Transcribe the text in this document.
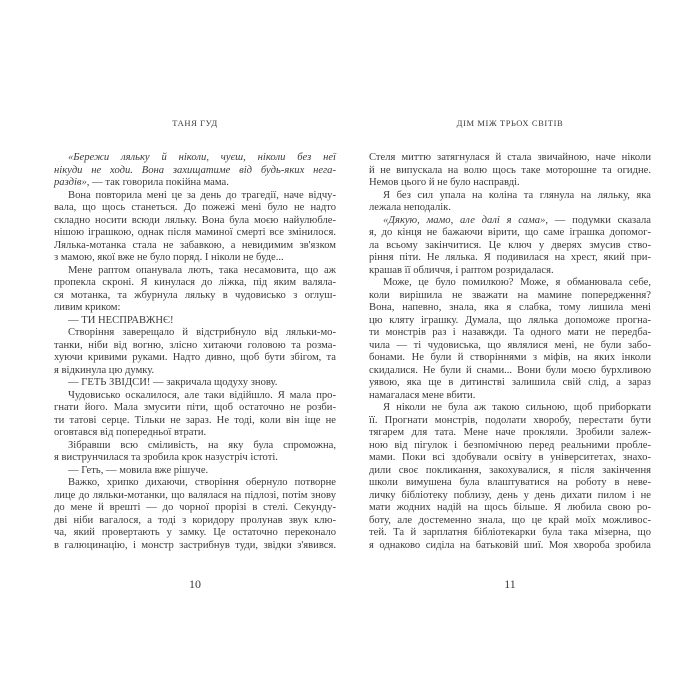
ТАНЯ ГУД
«Бережи ляльку й ніколи, чуєш, ніколи без неї
нікуди не ходи. Вона захищатиме від будь-яких нега-
раздів», — так говорила покійна мама.
Вона повторила мені це за день до трагедії, наче відчу-
вала, що щось станеться. До пожежі мені було не надто
складно носити всюди ляльку. Вона була моєю найулюбле-
нішою іграшкою, однак після маминої смерті все змінилося.
Лялька-мотанка стала не забавкою, а невидимим зв'язком
з мамою, якої вже не було поряд. І ніколи не буде...
Мене раптом опанувала лють, така несамовита, що аж
пропекла скроні. Я кинулася до ліжка, під яким валяла-
ся мотанка, та жбурнула ляльку в чудовисько з оглуш-
ливим криком:
— ТИ НЕСПРАВЖНЄ!
Створіння заверещало й відстрибнуло від ляльки-мо-
танки, ніби від вогню, злісно хитаючи головою та розма-
хуючи кривими руками. Надто дивно, щоб бути збігом, та
я відкинула цю думку.
— ГЕТЬ ЗВІДСИ! — закричала щодуху знову.
Чудовисько оскалилося, але таки відійшло. Я мала про-
гнати його. Мала змусити піти, щоб остаточно не розби-
ти татові серце. Тільки не зараз. Не тоді, коли він іще не
оговтався від попередньої втрати.
Зібравши всю сміливість, на яку була спроможна,
я виструнчилася та зробила крок назустріч істоті.
— Геть, — мовила вже рішуче.
Важко, хрипко дихаючи, створіння обернуло потворне
лице до ляльки-мотанки, що валялася на підлозі, потім знову
до мене й врешті — до чорної прорізі в стелі. Секунду-
дві ніби вагалося, а тоді з коридору пролунав звук клю-
ча, який провертають у замку. Це остаточно переконало
в галюцинацію, і монстр застрибнув туди, звідки з'явився.
10
ДІМ МІЖ ТРЬОХ СВІТІВ
Стеля миттю затягнулася й стала звичайною, наче ніколи
й не випускала на волю щось таке моторошне та огидне.
Немов цього й не було насправді.
Я без сил упала на коліна та глянула на ляльку, яка
лежала неподалік.
«Дякую, мамо, але далі я сама», — подумки сказала
я, до кінця не бажаючи вірити, що саме іграшка допомог-
ла всьому закінчитися. Це ключ у дверях змусив ство-
ріння піти. Не лялька. Я подивилася на хрест, який при-
крашав її обличчя, і раптом розридалася.
Може, це було помилкою? Може, я обманювала себе,
коли вирішила не зважати на мамине попередження?
Вона, напевно, знала, яка я слабка, тому лишила мені
цю кляту іграшку. Думала, що лялька допоможе прогна-
ти монстрів раз і назавжди. Та одного мати не передба-
чила — ті чудовиська, що являлися мені, не були забо-
бонами. Не були й створіннями з міфів, на яких інколи
скидалися. Не були й снами... Вони були моєю бурхливою
уявою, яка ще в дитинстві залишила свій слід, а зараз
намагалася мене вбити.
Я ніколи не була аж такою сильною, щоб приборкати
її. Прогнати монстрів, подолати хворобу, перестати бути
тягарем для тата. Мене наче прокляли. Зробили залеж-
ною від пігулок і безпомічною перед реальними пробле-
мами. Поки всі здобували освіту в університетах, знахо-
дили своє покликання, закохувалися, я після закінчення
школи вимушена була влаштуватися на роботу в неве-
личку бібліотеку поблизу, день у день дихати пилом і не
мати жодних надій на щось більше. Я любила свою ро-
боту, але достеменно знала, що це край моїх можливос-
тей. Та й зарплатня бібліотекарки була така мізерна, що
я однаково сиділа на батьковій шиї. Моя хвороба зробила
11
